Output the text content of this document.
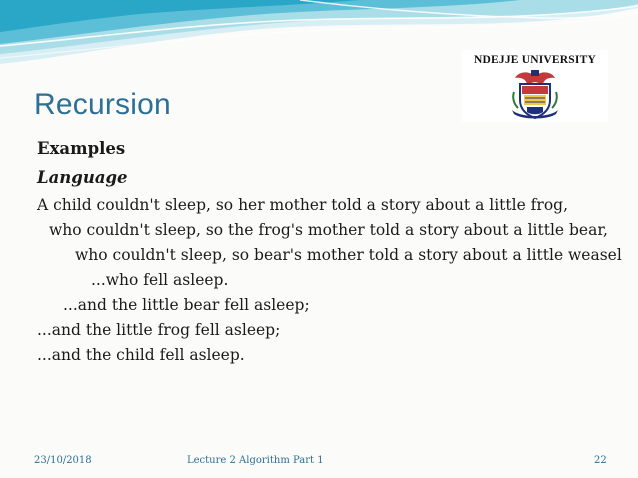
Recursion
NDEJJE UNIVERSITY
Examples
Language
A child couldn't sleep, so her mother told a story about a little frog,
who couldn't sleep, so the frog's mother told a story about a little bear,
who couldn't sleep, so bear's mother told a story about a little weasel
...who fell asleep.
...and the little bear fell asleep;
...and the little frog fell asleep;
...and the child fell asleep.
23/10/2018	Lecture 2 Algorithm Part 1	22
